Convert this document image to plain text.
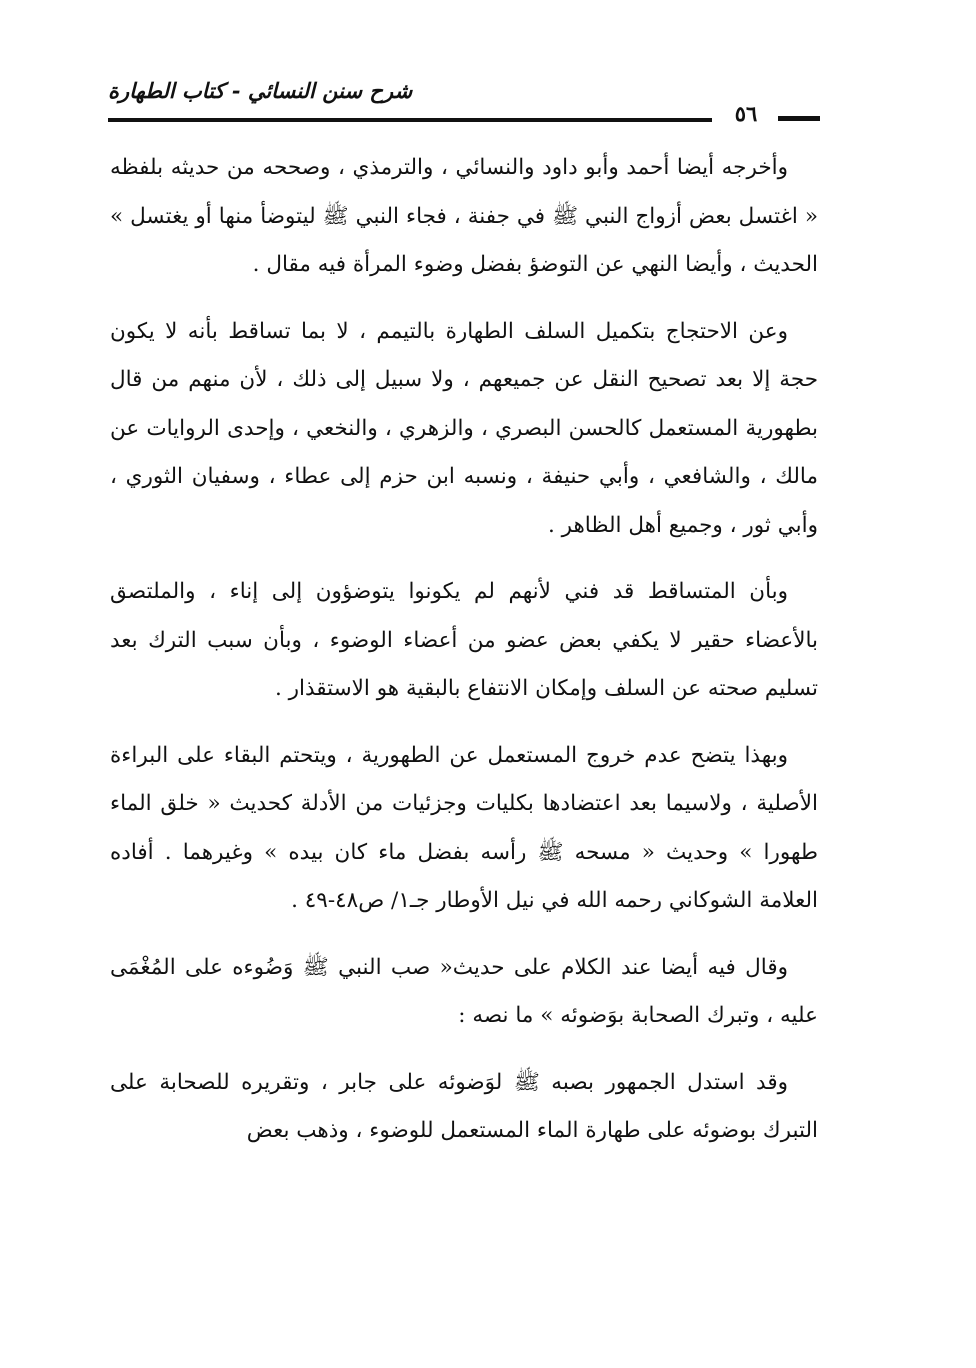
شرح سنن النسائي - كتاب الطهارة
٥٦

وأخرجه أيضا أحمد وأبو داود والنسائي ، والترمذي ، وصححه من حديثه بلفظه « اغتسل بعض أزواج النبي ﷺ في جفنة ، فجاء النبي ﷺ ليتوضأ منها أو يغتسل » الحديث ، وأيضا النهي عن التوضؤ بفضل وضوء المرأة فيه مقال .

وعن الاحتجاج بتكميل السلف الطهارة بالتيمم ، لا بما تساقط بأنه لا يكون حجة إلا بعد تصحيح النقل عن جميعهم ، ولا سبيل إلى ذلك ، لأن منهم من قال بطهورية المستعمل كالحسن البصري ، والزهري ، والنخعي ، وإحدى الروايات عن مالك ، والشافعي ، وأبي حنيفة ، ونسبه ابن حزم إلى عطاء ، وسفيان الثوري ، وأبي ثور ، وجميع أهل الظاهر .

وبأن المتساقط قد فني لأنهم لم يكونوا يتوضؤون إلى إناء ، والملتصق بالأعضاء حقير لا يكفي بعض عضو من أعضاء الوضوء ، وبأن سبب الترك بعد تسليم صحته عن السلف وإمكان الانتفاع بالبقية هو الاستقذار .

وبهذا يتضح عدم خروج المستعمل عن الطهورية ، ويتحتم البقاء على البراءة الأصلية ، ولاسيما بعد اعتضادها بكليات وجزئيات من الأدلة كحديث « خلق الماء طهورا » وحديث « مسحه ﷺ رأسه بفضل ماء كان بيده » وغيرهما . أفاده العلامة الشوكاني رحمه الله في نيل الأوطار جـ١/ ص٤٨-٤٩ .

وقال فيه أيضا عند الكلام على حديث« صب النبي ﷺ وَضُوءه على المُغْمَى عليه ، وتبرك الصحابة بوَضوئه » ما نصه :

وقد استدل الجمهور بصبه ﷺ لوَضوئه على جابر ، وتقريره للصحابة على التبرك بوضوئه على طهارة الماء المستعمل للوضوء ، وذهب بعض
